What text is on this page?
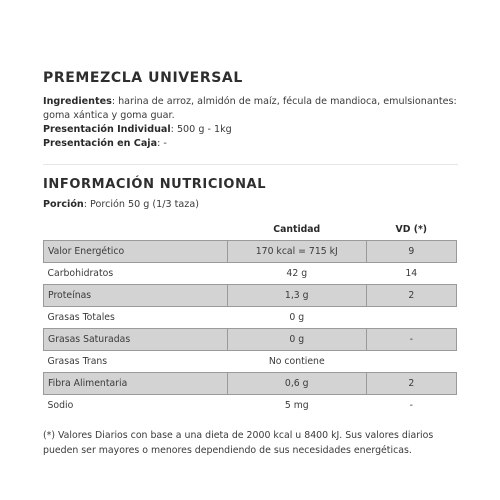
PREMEZCLA UNIVERSAL
Ingredientes: harina de arroz, almidón de maíz, fécula de mandioca, emulsionantes: goma xántica y goma guar.
Presentación Individual: 500 g - 1kg
Presentación en Caja: -
INFORMACIÓN NUTRICIONAL
Porción: Porción 50 g (1/3 taza)
	Cantidad	VD (*)
Valor Energético	170 kcal = 715 kJ	9
Carbohidratos	42 g	14
Proteínas	1,3 g	2
Grasas Totales	0 g	
Grasas Saturadas	0 g	-
Grasas Trans	No contiene	
Fibra Alimentaria	0,6 g	2
Sodio	5 mg	-
(*) Valores Diarios con base a una dieta de 2000 kcal u 8400 kJ. Sus valores diarios pueden ser mayores o menores dependiendo de sus necesidades energéticas.
